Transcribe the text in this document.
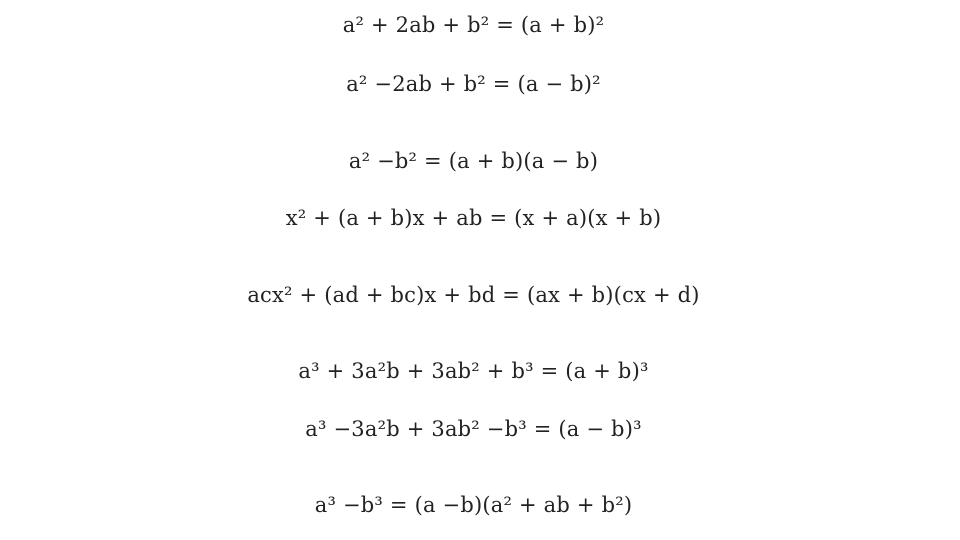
a² + 2ab + b² = (a + b)²
a² −2ab + b² = (a − b)²
a² −b² = (a + b)(a − b)
x² + (a + b)x + ab = (x + a)(x + b)
acx² + (ad + bc)x + bd = (ax + b)(cx + d)
a³ + 3a²b + 3ab² + b³ = (a + b)³
a³ −3a²b + 3ab² −b³ = (a − b)³
a³ −b³ = (a −b)(a² + ab + b²)
